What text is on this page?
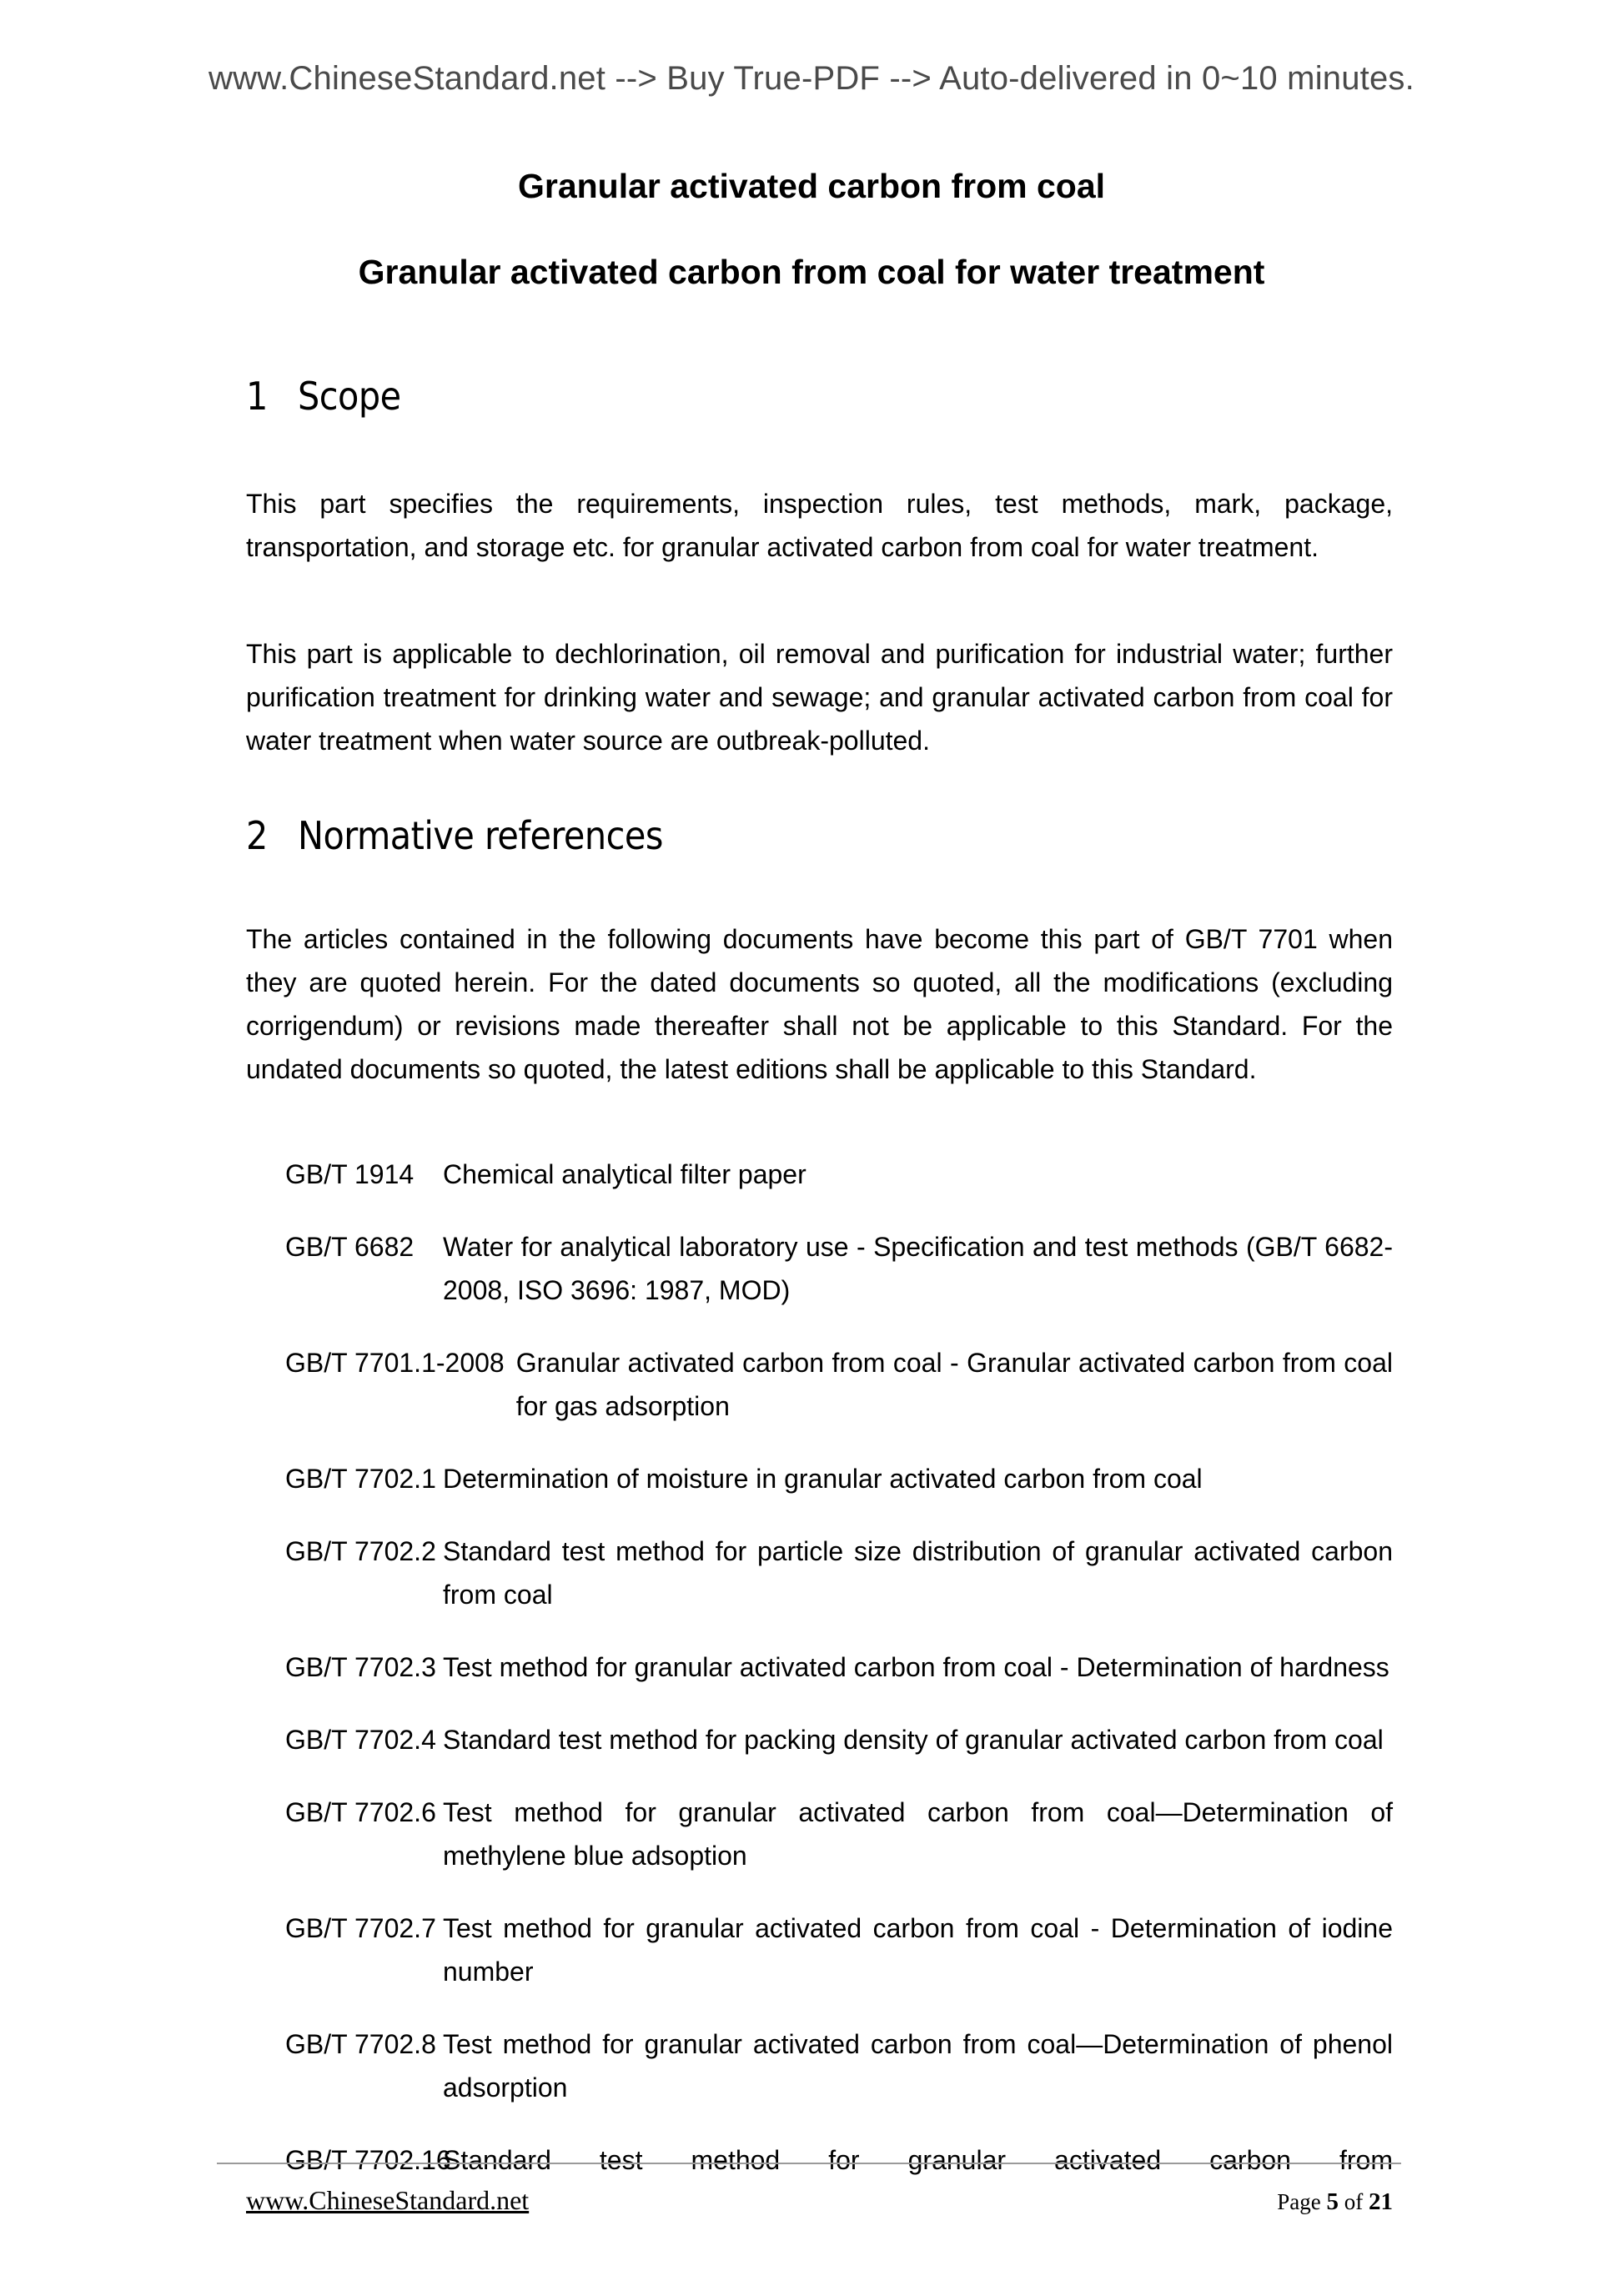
www.ChineseStandard.net --> Buy True-PDF --> Auto-delivered in 0~10 minutes.
Granular activated carbon from coal
Granular activated carbon from coal for water treatment
1 Scope

This part specifies the requirements, inspection rules, test methods, mark, package, transportation, and storage etc. for granular activated carbon from coal for water treatment.

This part is applicable to dechlorination, oil removal and purification for industrial water; further purification treatment for drinking water and sewage; and granular activated carbon from coal for water treatment when water source are outbreak-polluted.

2 Normative references

The articles contained in the following documents have become this part of GB/T 7701 when they are quoted herein. For the dated documents so quoted, all the modifications (excluding corrigendum) or revisions made thereafter shall not be applicable to this Standard. For the undated documents so quoted, the latest editions shall be applicable to this Standard.

GB/T 1914	Chemical analytical filter paper
GB/T 6682	Water for analytical laboratory use - Specification and test methods (GB/T 6682-2008, ISO 3696: 1987, MOD)
GB/T 7701.1-2008 Granular activated carbon from coal - Granular activated carbon from coal for gas adsorption
GB/T 7702.1 Determination of moisture in granular activated carbon from coal
GB/T 7702.2 Standard test method for particle size distribution of granular activated carbon from coal
GB/T 7702.3 Test method for granular activated carbon from coal - Determination of hardness
GB/T 7702.4 Standard test method for packing density of granular activated carbon from coal
GB/T 7702.6 Test method for granular activated carbon from coal—Determination of methylene blue adsoption
GB/T 7702.7 Test method for granular activated carbon from coal - Determination of iodine number
GB/T 7702.8 Test method for granular activated carbon from coal—Determination of phenol adsorption
GB/T 7702.16
Standard test method for granular activated carbon from
www.ChineseStandard.net	Page 5 of 21
